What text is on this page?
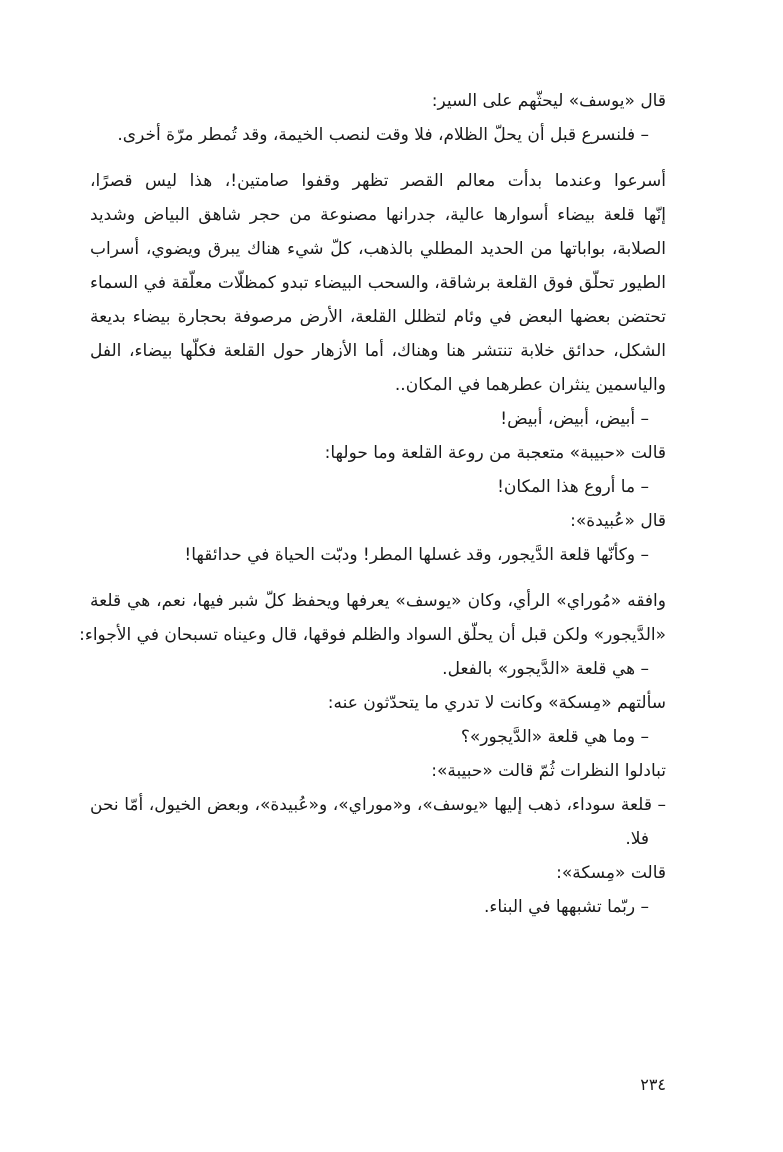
قال «يوسف» ليحثّهم على السير:
– فلنسرع قبل أن يحلّ الظلام، فلا وقت لنصب الخيمة، وقد تُمطر مرّة أخرى.
أسرعوا وعندما بدأت معالم القصر تظهر وقفوا صامتين!، هذا ليس قصرًا،
إنّها قلعة بيضاء أسوارها عالية، جدرانها مصنوعة من حجر شاهق البياض وشديد
الصلابة، بواباتها من الحديد المطلي بالذهب، كلّ شيء هناك يبرق ويضوي، أسراب
الطيور تحلّق فوق القلعة برشاقة، والسحب البيضاء تبدو كمظلّات معلّقة في السماء
تحتضن بعضها البعض في وئام لتظلل القلعة، الأرض مرصوفة بحجارة بيضاء بديعة
الشكل، حدائق خلابة تنتشر هنا وهناك، أما الأزهار حول القلعة فكلّها بيضاء، الفل
والياسمين ينثران عطرهما في المكان..
– أبيض، أبيض، أبيض!
قالت «حبيبة» متعجبة من روعة القلعة وما حولها:
– ما أروع هذا المكان!
قال «عُبيدة»:
– وكأنّها قلعة الدَّيجور، وقد غسلها المطر! ودبّت الحياة في حدائقها!
وافقه «مُوراي» الرأي، وكان «يوسف» يعرفها ويحفظ كلّ شبر فيها، نعم، هي قلعة
«الدَّيجور» ولكن قبل أن يحلّق السواد والظلم فوقها، قال وعيناه تسبحان في الأجواء:
– هي قلعة «الدَّيجور» بالفعل.
سألتهم «مِسكة» وكانت لا تدري ما يتحدّثون عنه:
– وما هي قلعة «الدَّيجور»؟
تبادلوا النظرات ثُمّ قالت «حبيبة»:
– قلعة سوداء، ذهب إليها «يوسف»، و«موراي»، و«عُبيدة»، وبعض الخيول، أمّا نحن
فلا.
قالت «مِسكة»:
– ربّما تشبهها في البناء.
٢٣٤
